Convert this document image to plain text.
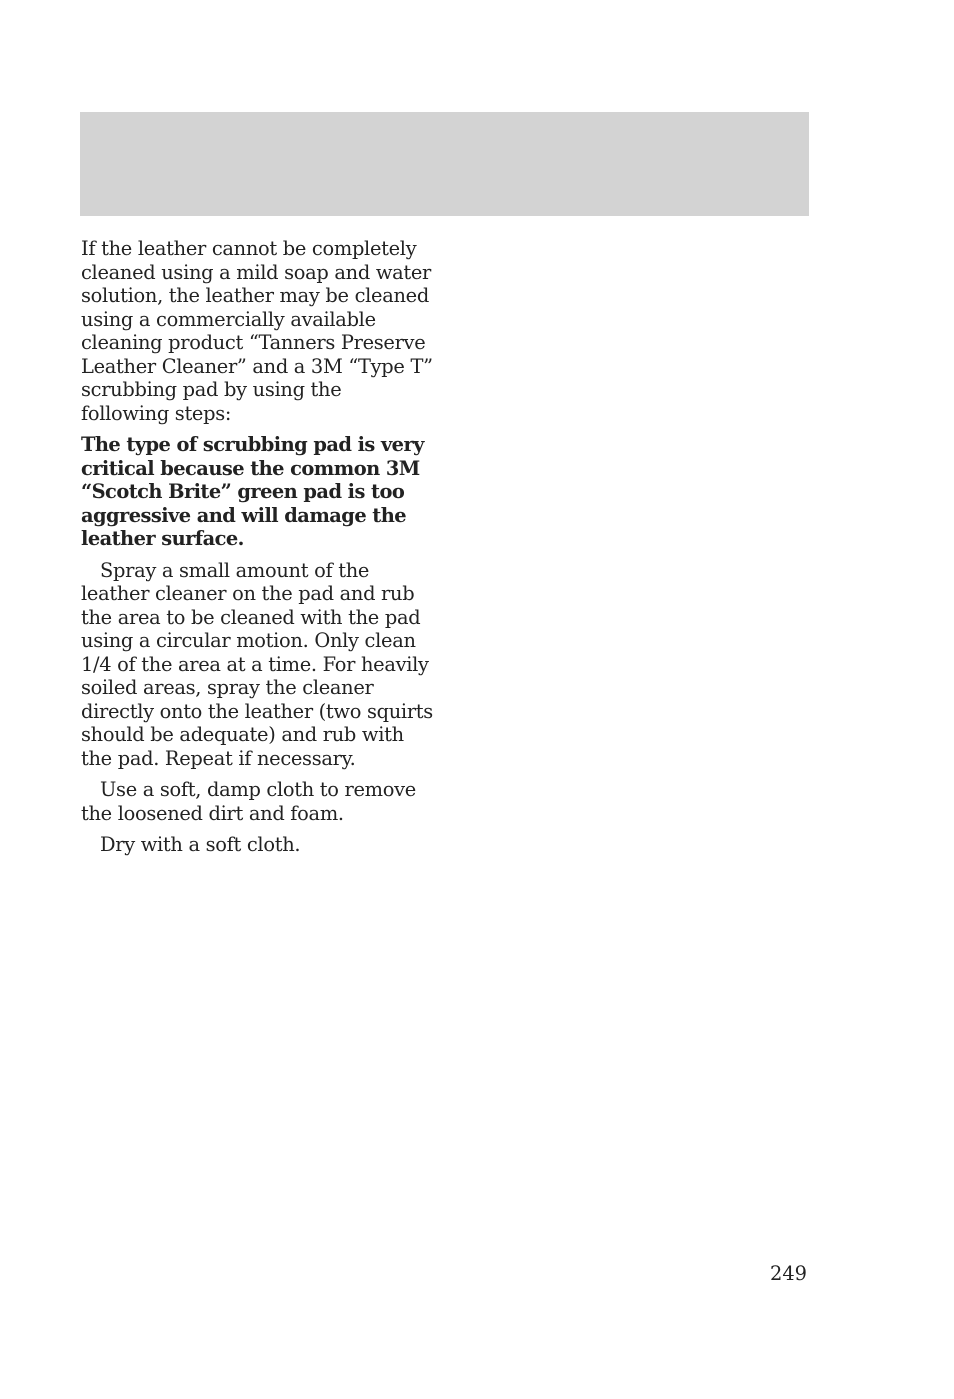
If the leather cannot be completely cleaned using a mild soap and water solution, the leather may be cleaned using a commercially available cleaning product “Tanners Preserve Leather Cleaner” and a 3M “Type T” scrubbing pad by using the following steps:

The type of scrubbing pad is very critical because the common 3M “Scotch Brite” green pad is too aggressive and will damage the leather surface.

Spray a small amount of the leather cleaner on the pad and rub the area to be cleaned with the pad using a circular motion. Only clean 1/4 of the area at a time. For heavily soiled areas, spray the cleaner directly onto the leather (two squirts should be adequate) and rub with the pad. Repeat if necessary.

Use a soft, damp cloth to remove the loosened dirt and foam.

Dry with a soft cloth.

249
